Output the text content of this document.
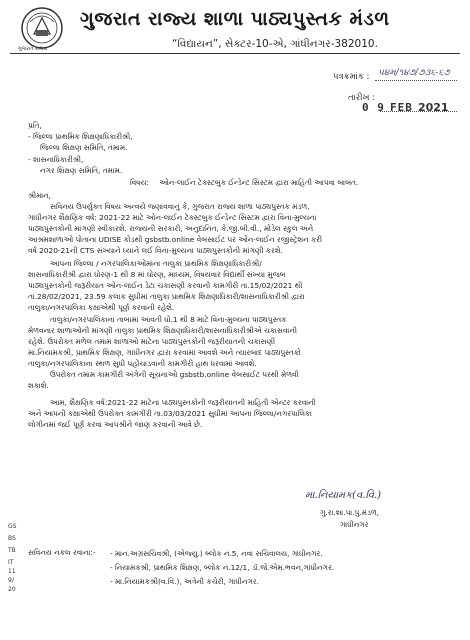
ગુજરાત રાજ્ય
ગુજરાત રાજ્ય શાળા પાઠ્યપુસ્તક મંડળ
“વિદ્યાયન”, સેક્ટર-10-એ, ગાંધીનગર-382010.
પત્રક્રમાંક : પ૪મ/૧૪૭/૭૩૬-૬૭
તારીખ :
0 9 FEB 2021
પ્રતિ,
- જિલ્લા પ્રાથમિક શિક્ષણાધિકારીશ્રી,
જિલ્લા શિક્ષણ સમિતિ, તમામ.
- શાસનાધિકારીશ્રી,
નગર શિક્ષણ સમિતિ, તમામ.
વિષય: ઓન-લાઈન ટેક્સ્ટબુક ઈન્ડેન્ટ સિસ્ટમ દ્વારા માહિતી આપવા બાબત.
શ્રીમાન,
સવિનય ઉપર્યુક્ત વિષય અન્વયે જણાવવાનું કે, ગુજરાત રાજ્ય શાળા પાઠ્યપુસ્તક મંડળ,
ગાંધીનગર શૈક્ષણિક વર્ષ: 2021-22 માટે ઓન-લાઈન ટેક્સ્ટબુક ઈન્ડેન્ટ સિસ્ટમ દ્વારા વિના-મુલ્યના
પાઠ્યપુસ્તકોની માંગણી સ્વીકારશે. રાજ્યની સરકારી, અનુદાનિત, કે.જી.બી.વી., મોડેલ સ્કુલ અને
આશ્રમશાળાઓ પોતાના UDISE કોડથી gsbstb.online વેબસાઈટ પર ઓન-લાઈન રજીસ્ટ્રેશન કરી
વર્ષ 2020-21ની CTS સંખ્યાને ધ્યાને લઈ વિના-મુલ્યના પાઠ્યપુસ્તકોની માંગણી કરશે.
આપના જિલ્લા / નગરપાલિકાઓમાંના તાલુકા પ્રાથમિક શિક્ષણાધિકારીશ્રી/
શાસનાધિકારીશ્રી દ્વારા ધોરણ-1 થી 8 માં ધોરણ, માધ્યમ, વિષયવાર વિદ્યાર્થી સંખ્યા મુજબ
પાઠ્યપુસ્તકોની જરૂરીયાત ઓન-લાઈન ડેટા ચકાસણી કરવાની કામગીરી તા.15/02/2021 થી
તા.28/02/2021, 23.59 કલાક સુધીમાં તાલુકા પ્રાથમિક શિક્ષણાધિકારી/શાસનાધિકારીશ્રી દ્વારા
તાલુકા/નગરપાલિકા કક્ષાએથી પૂર્ણ કરવાની રહેશે.
તાલુકા/નગરપાલિકાના તાબામાં આવતી ધો.1 થી 8 માટે વિના-મુલ્યના પાઠ્યપુસ્તક
મેળવનાર શાળાઓની માંગણી તાલુકા પ્રાથમિક શિક્ષણાધિકારી/શાસનાધિકારીશ્રીએ ચકાસવાની
રહેશે. ઉપરોક્ત મળેલ તમામ શાળાઓ માટેના પાઠ્યપુસ્તકોની જરૂરીયાતની ચકાસણી
મા.નિયામકશ્રી, પ્રાથમિક શિક્ષણ, ગાંધીનગર દ્વારા કરવામાં આવશે અને ત્યારબાદ પાઠ્યપુસ્તકો
તાલુકા/નગરપાલિકાના સ્થળ સુધી પહોંચાડવાની કામગીરી હાથ ધરવામાં આવશે.
ઉપરોક્ત તમામ કામગીરી અંગેની સૂચનાઓ gsbstb.online વેબસાઈટ પરથી મેળવી
શકાશે.
આમ, શૈક્ષણિક વર્ષ:2021-22 માટેના પાઠ્યપુસ્તકોની જરૂરીયાતની માહિતી એન્ટર કરવાની
અને આપની કક્ષાએથી ઉપરોક્ત કામગીરી તા.03/03/2021 સુધીમાં આપના જિલ્લા/નગરપાલિકા
લોગીનમાં જઈ પૂર્ણ કરવા આપશ્રીને જાણ કરવાની આવે છે.
મા.નિયામક(વ.વિ.)
ગુ.રા.શા.પા.પુ.મંડળ,
ગાંધીનગર
સવિનય નકલ રવાના:- - માન.અગ્રસચિવશ્રી, (એજ્યુ.) બ્લોક નં.5, નવા સચિવાલય, ગાંધીનગર.
- નિયામકશ્રી, પ્રાથમિક શિક્ષણ, બ્લોક નં.12/1, ડૉ.જે.એમ.ભવન,ગાંધીનગર.
- મા.નિયામકશ્રી(વ.વિ.), અત્રેની કચેરી, ગાંધીનગર.
GS
BS
TB
IT
11
9/
20
